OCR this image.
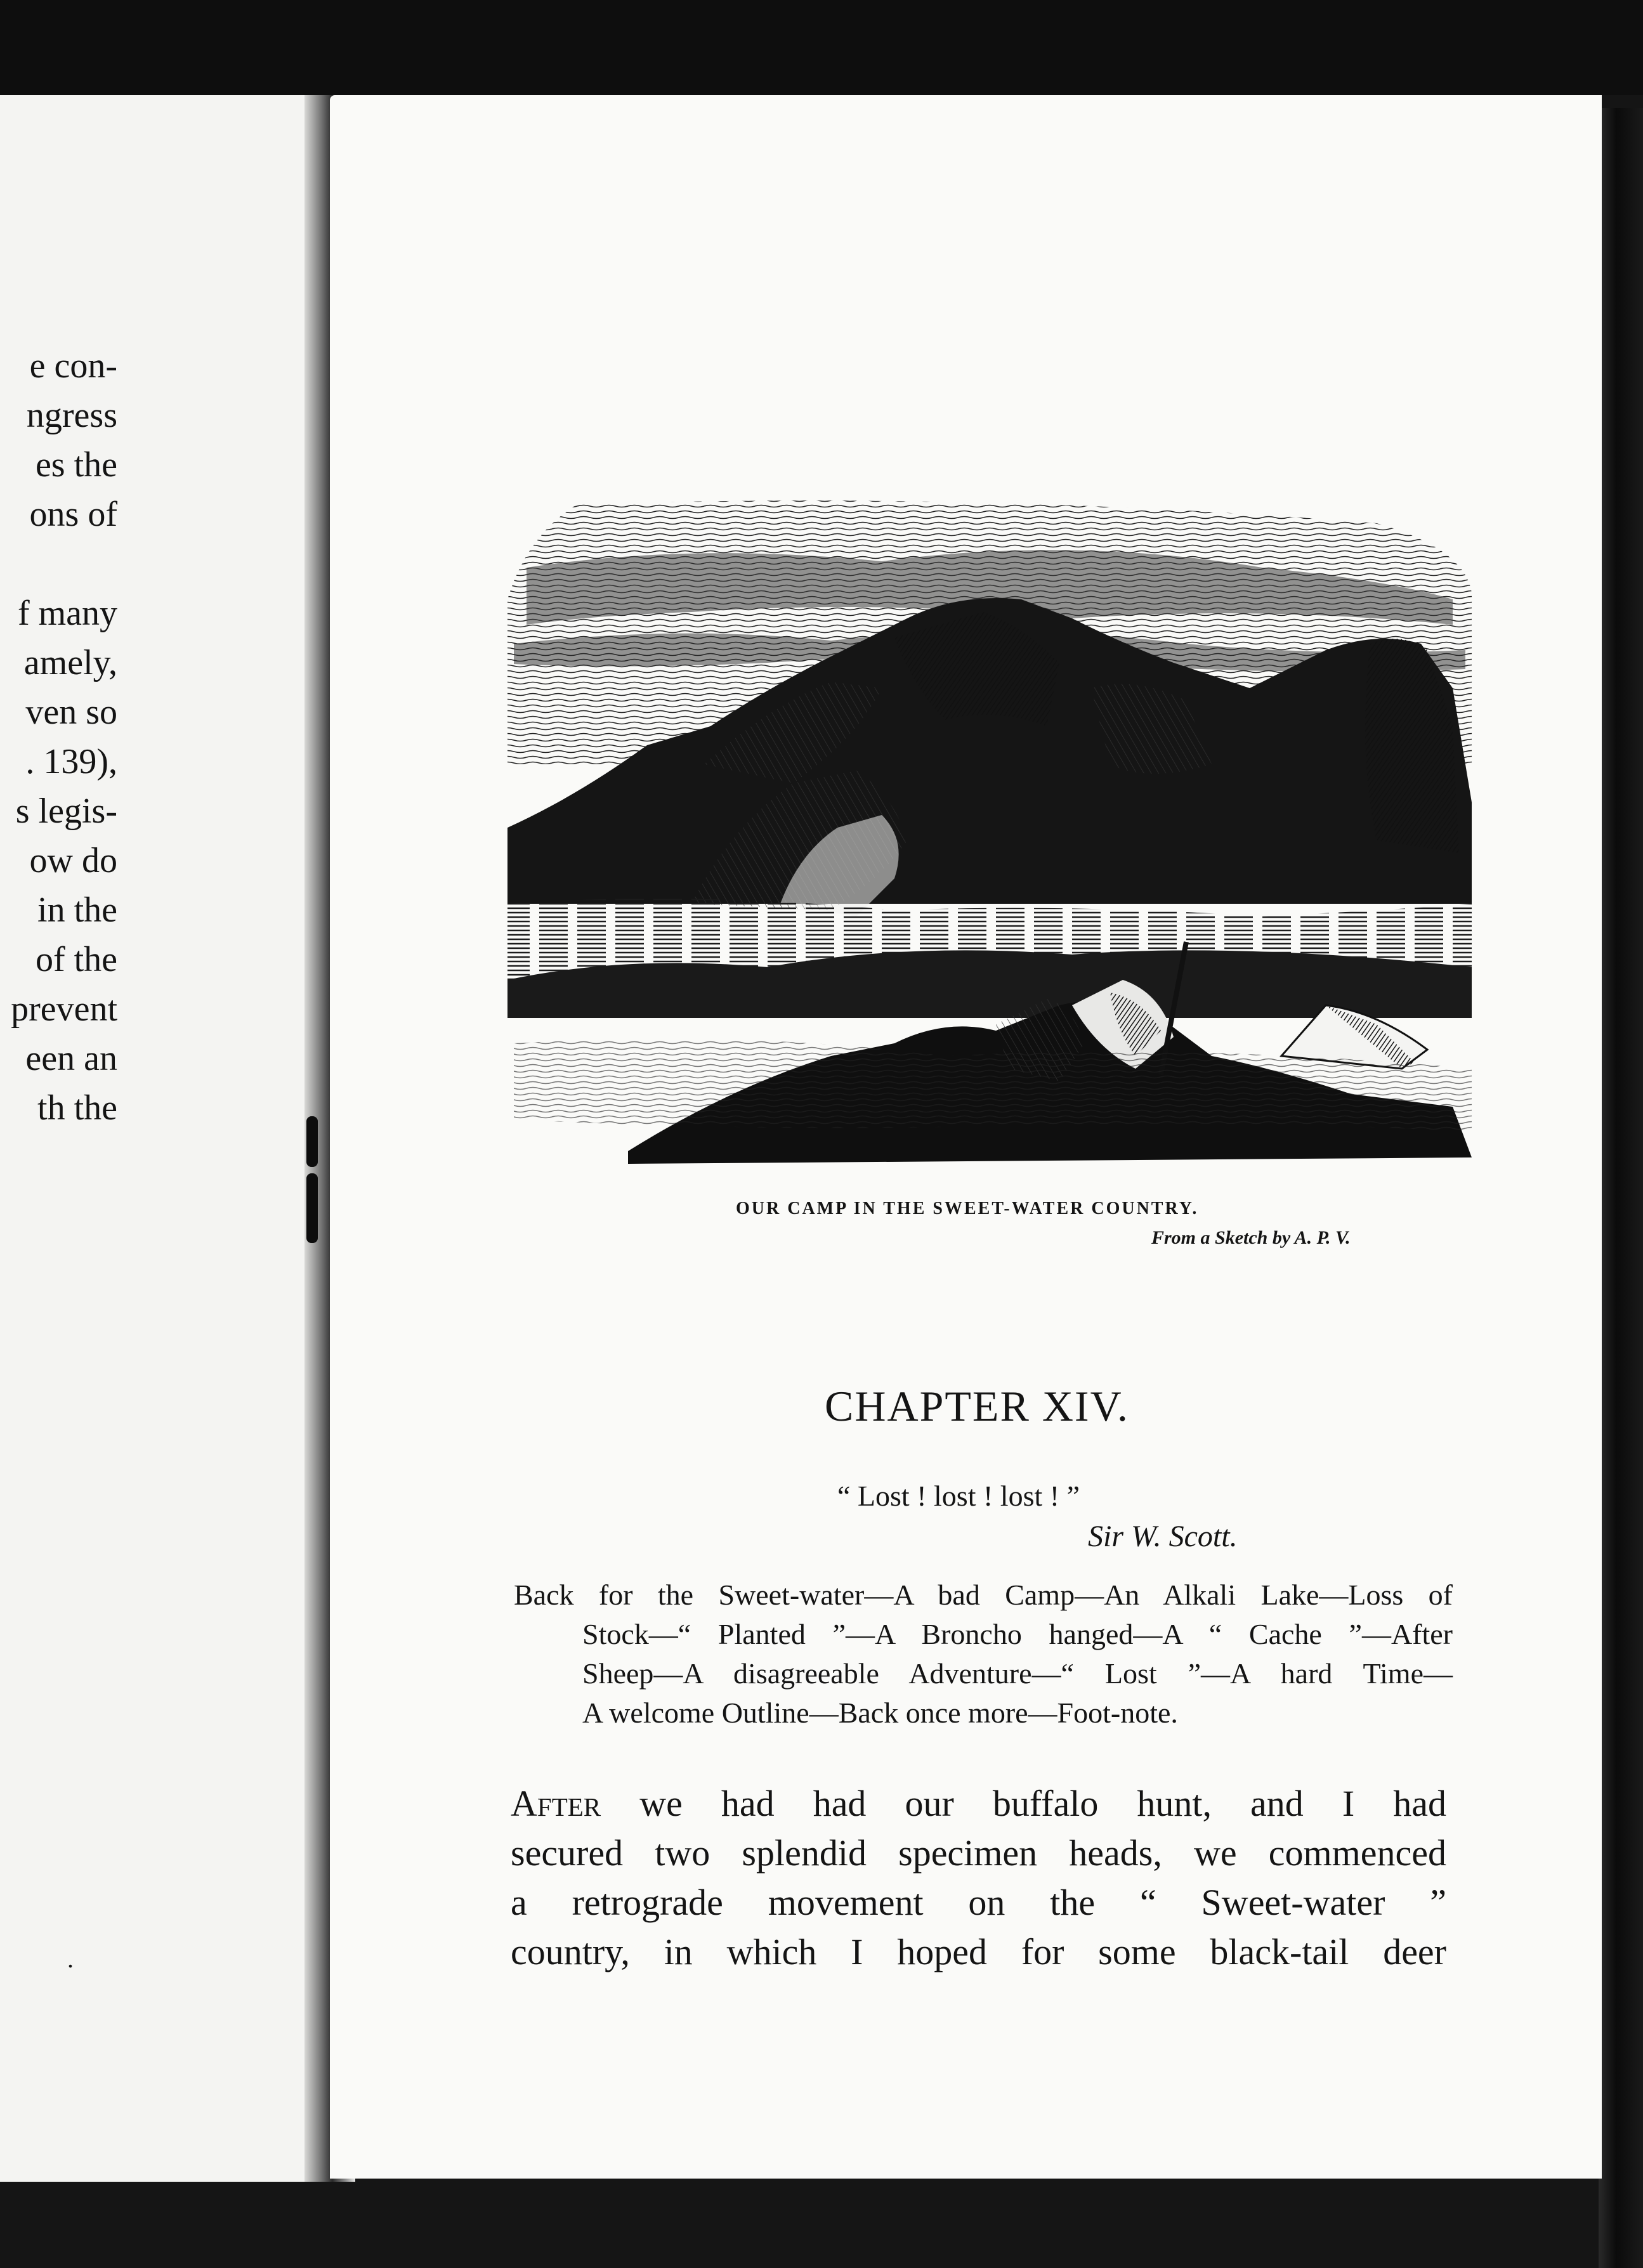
e con-
ngress
es the
ons of
f many
amely,
ven so
. 139),
s legis-
ow do
in the
of the
prevent
een an
th the
.
OUR CAMP IN THE SWEET-WATER COUNTRY.
From a Sketch by A. P. V.
CHAPTER XIV.
“ Lost ! lost ! lost ! ”
Sir W. Scott.
Back for the Sweet-water—A bad Camp—An Alkali Lake—Loss of
Stock—“ Planted ”—A Broncho hanged—A “ Cache ”—After
Sheep—A disagreeable Adventure—“ Lost ”—A hard Time—
A welcome Outline—Back once more—Foot-note.
After we had had our buffalo hunt, and I had
secured two splendid specimen heads, we commenced
a retrograde movement on the “ Sweet-water ”
country, in which I hoped for some black-tail deer
